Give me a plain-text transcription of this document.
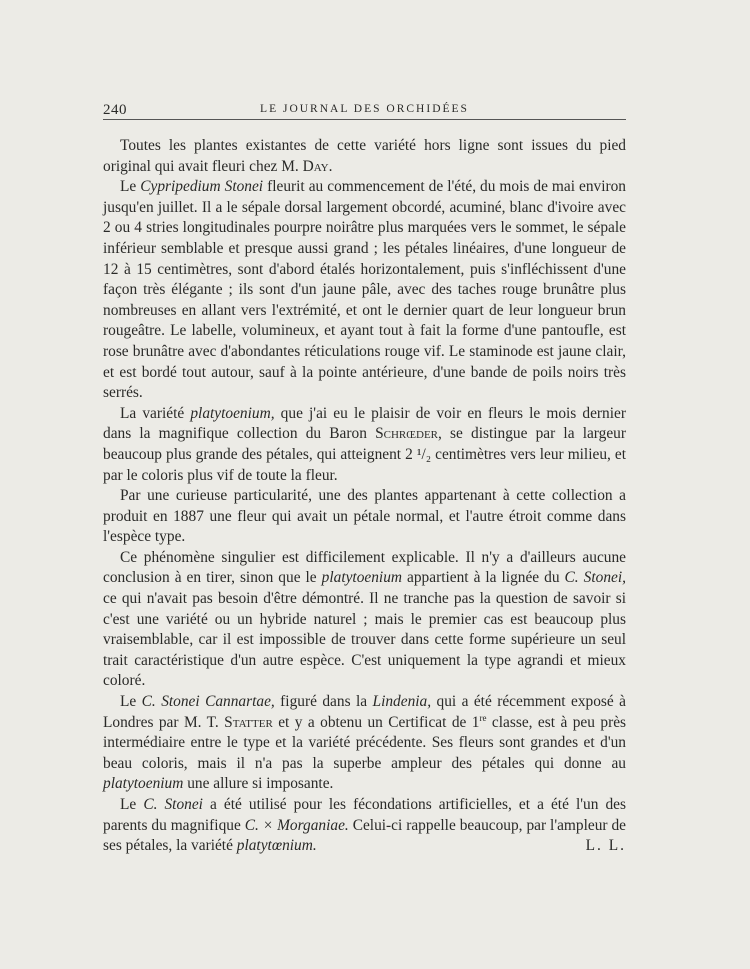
240	LE JOURNAL DES ORCHIDÉES

Toutes les plantes existantes de cette variété hors ligne sont issues du pied original qui avait fleuri chez M. Day.

Le Cypripedium Stonei fleurit au commencement de l'été, du mois de mai environ jusqu'en juillet. Il a le sépale dorsal largement obcordé, acuminé, blanc d'ivoire avec 2 ou 4 stries longitudinales pourpre noirâtre plus marquées vers le sommet, le sépale inférieur semblable et presque aussi grand ; les pétales linéaires, d'une longueur de 12 à 15 centimètres, sont d'abord étalés horizontalement, puis s'infléchissent d'une façon très élégante ; ils sont d'un jaune pâle, avec des taches rouge brunâtre plus nombreuses en allant vers l'extrémité, et ont le dernier quart de leur longueur brun rougeâtre. Le labelle, volumineux, et ayant tout à fait la forme d'une pantoufle, est rose brunâtre avec d'abondantes réticulations rouge vif. Le staminode est jaune clair, et est bordé tout autour, sauf à la pointe antérieure, d'une bande de poils noirs très serrés.

La variété platytoenium, que j'ai eu le plaisir de voir en fleurs le mois dernier dans la magnifique collection du Baron Schrœder, se distingue par la largeur beaucoup plus grande des pétales, qui atteignent 2 ¹/₂ centimètres vers leur milieu, et par le coloris plus vif de toute la fleur.

Par une curieuse particularité, une des plantes appartenant à cette collection a produit en 1887 une fleur qui avait un pétale normal, et l'autre étroit comme dans l'espèce type.

Ce phénomène singulier est difficilement explicable. Il n'y a d'ailleurs aucune conclusion à en tirer, sinon que le platytoenium appartient à la lignée du C. Stonei, ce qui n'avait pas besoin d'être démontré. Il ne tranche pas la question de savoir si c'est une variété ou un hybride naturel ; mais le premier cas est beaucoup plus vraisemblable, car il est impossible de trouver dans cette forme supérieure un seul trait caractéristique d'un autre espèce. C'est uniquement la type agrandi et mieux coloré.

Le C. Stonei Cannartae, figuré dans la Lindenia, qui a été récemment exposé à Londres par M. T. Statter et y a obtenu un Certificat de 1re classe, est à peu près intermédiaire entre le type et la variété précédente. Ses fleurs sont grandes et d'un beau coloris, mais il n'a pas la superbe ampleur des pétales qui donne au platytoenium une allure si imposante.

Le C. Stonei a été utilisé pour les fécondations artificielles, et a été l'un des parents du magnifique C. × Morganiae. Celui-ci rappelle beaucoup, par l'ampleur de ses pétales, la variété platytœnium.	L. L.
